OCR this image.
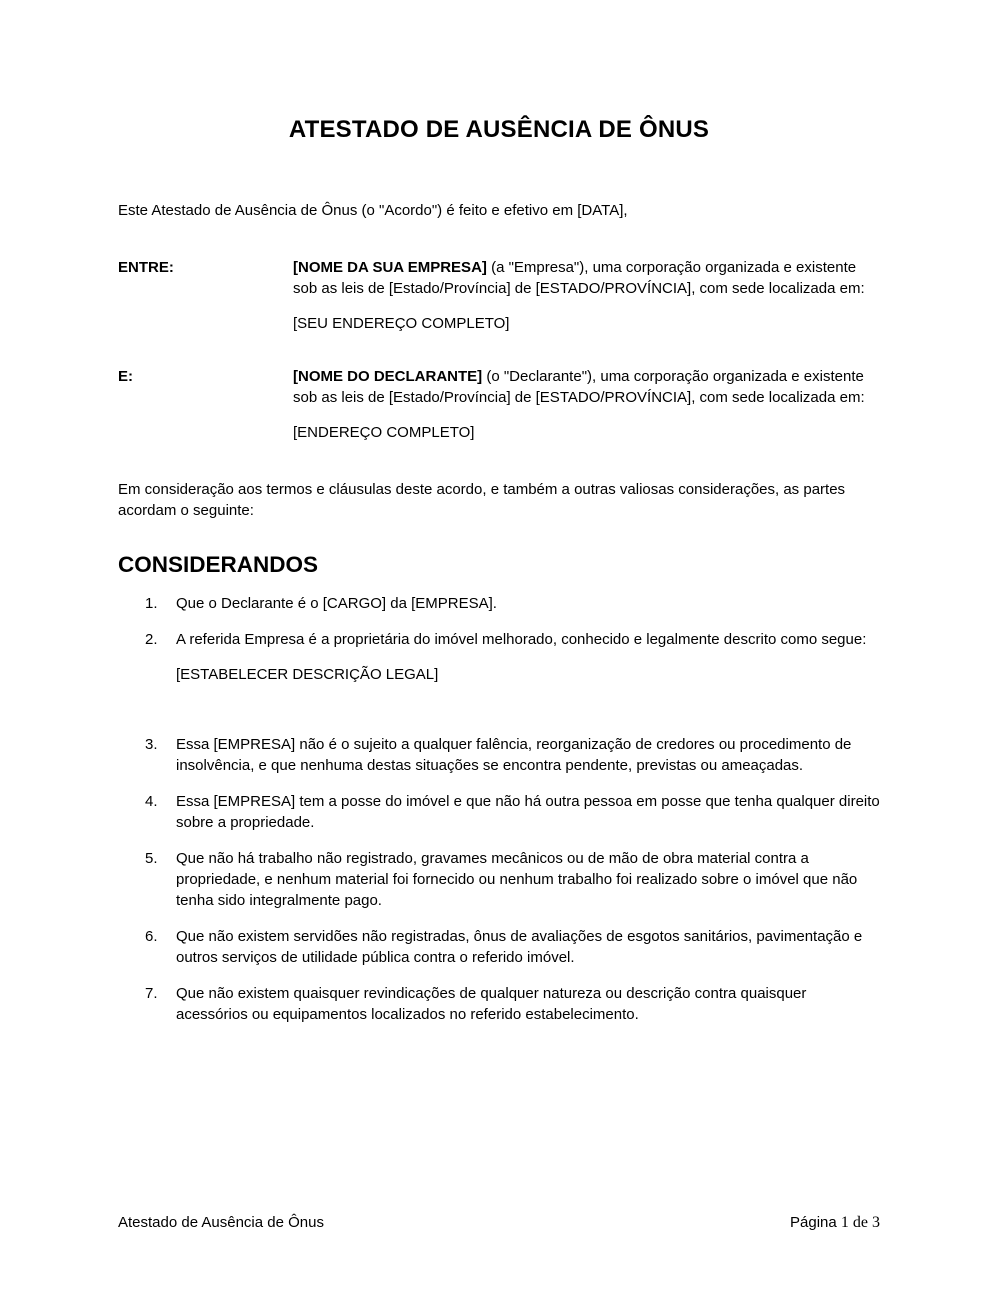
ATESTADO DE AUSÊNCIA DE ÔNUS

Este Atestado de Ausência de Ônus (o "Acordo") é feito e efetivo em [DATA],

ENTRE:	[NOME DA SUA EMPRESA] (a "Empresa"), uma corporação organizada e existente sob as leis de [Estado/Província] de [ESTADO/PROVÍNCIA], com sede localizada em:

[SEU ENDEREÇO COMPLETO]

E:	[NOME DO DECLARANTE] (o "Declarante"), uma corporação organizada e existente sob as leis de [Estado/Província] de [ESTADO/PROVÍNCIA], com sede localizada em:

[ENDEREÇO COMPLETO]

Em consideração aos termos e cláusulas deste acordo, e também a outras valiosas considerações, as partes acordam o seguinte:

CONSIDERANDOS
1.	Que o Declarante é o [CARGO] da [EMPRESA].
2.	A referida Empresa é a proprietária do imóvel melhorado, conhecido e legalmente descrito como segue:

[ESTABELECER DESCRIÇÃO LEGAL]

3.	Essa [EMPRESA] não é o sujeito a qualquer falência, reorganização de credores ou procedimento de insolvência, e que nenhuma destas situações se encontra pendente, previstas ou ameaçadas.
4.	Essa [EMPRESA] tem a posse do imóvel e que não há outra pessoa em posse que tenha qualquer direito sobre a propriedade.
5.	Que não há trabalho não registrado, gravames mecânicos ou de mão de obra material contra a propriedade, e nenhum material foi fornecido ou nenhum trabalho foi realizado sobre o imóvel que não tenha sido integralmente pago.
6.	Que não existem servidões não registradas, ônus de avaliações de esgotos sanitários, pavimentação e outros serviços de utilidade pública contra o referido imóvel.
7.	Que não existem quaisquer revindicações de qualquer natureza ou descrição contra quaisquer acessórios ou equipamentos localizados no referido estabelecimento.
Atestado de Ausência de Ônus	Página 1 de 3
